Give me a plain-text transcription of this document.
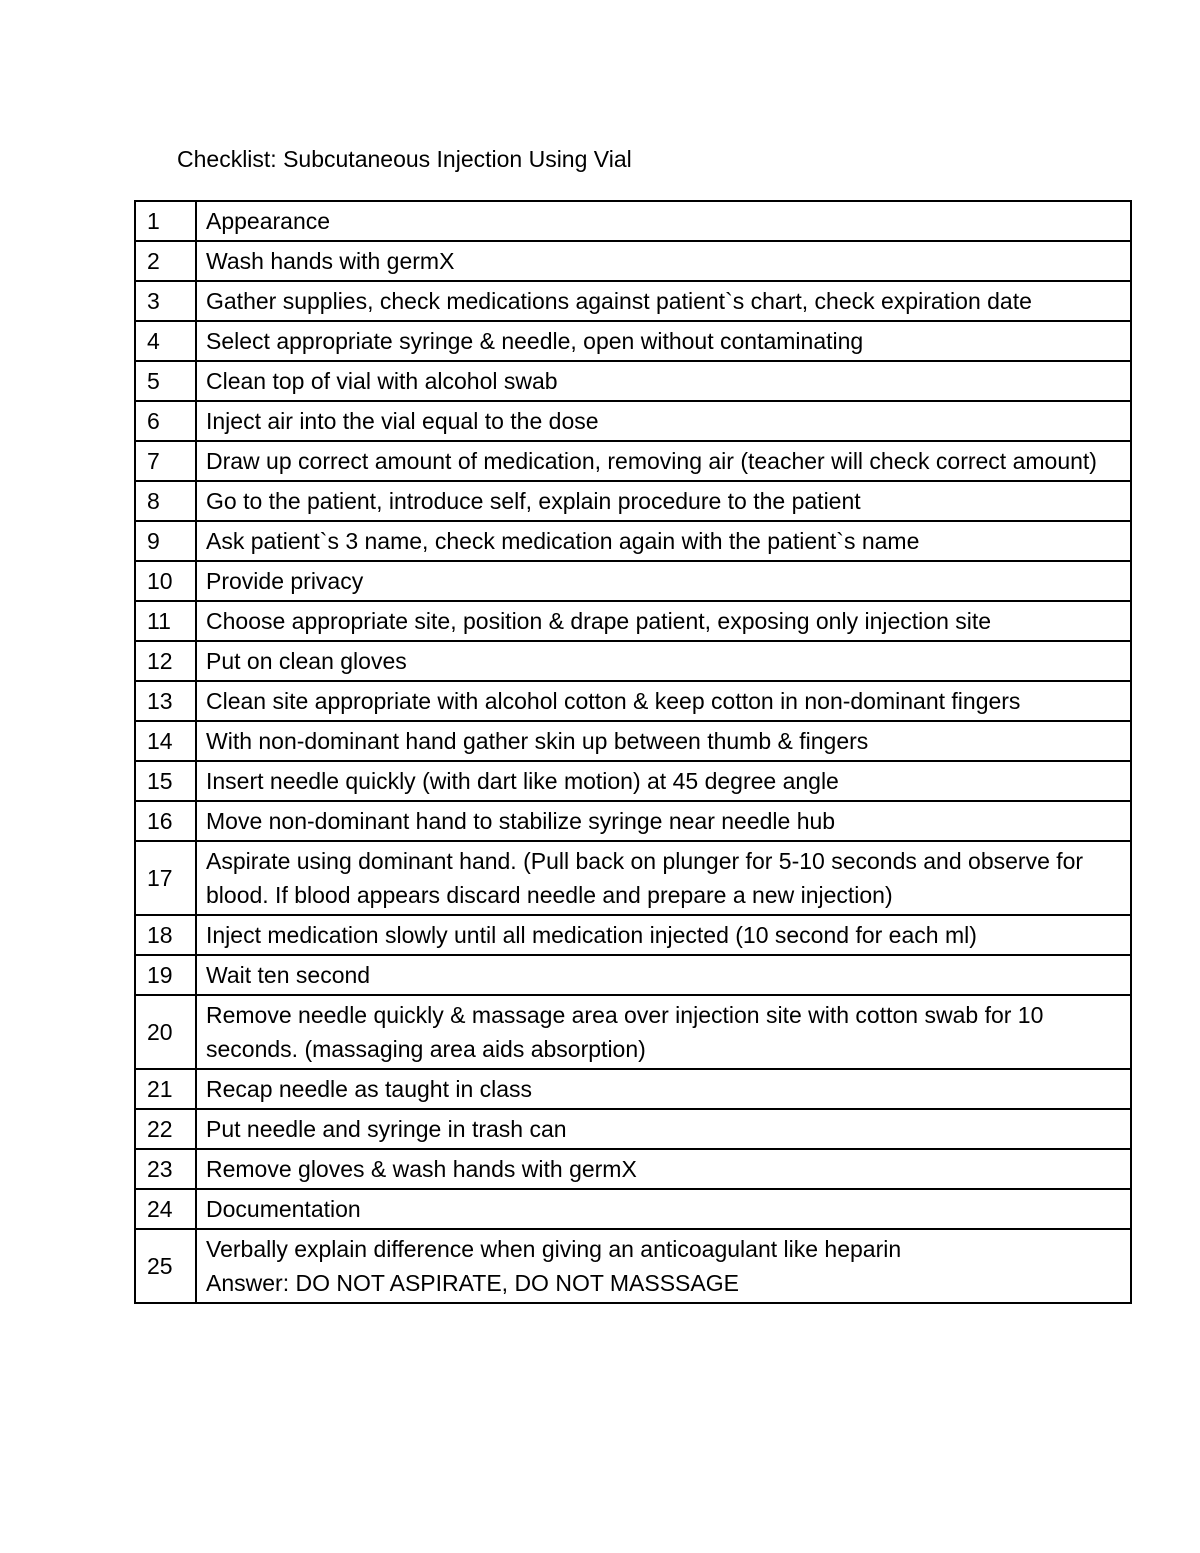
Checklist: Subcutaneous Injection Using Vial
1	Appearance
2	Wash hands with germX
3	Gather supplies, check medications against patient`s chart, check expiration date
4	Select appropriate syringe & needle, open without contaminating
5	Clean top of vial with alcohol swab
6	Inject air into the vial equal to the dose
7	Draw up correct amount of medication, removing air (teacher will check correct amount)
8	Go to the patient, introduce self, explain procedure to the patient
9	Ask patient`s 3 name, check medication again with the patient`s name
10	Provide privacy
11	Choose appropriate site, position & drape patient, exposing only injection site
12	Put on clean gloves
13	Clean site appropriate with alcohol cotton & keep cotton in non-dominant fingers
14	With non-dominant hand gather skin up between thumb & fingers
15	Insert needle quickly (with dart like motion) at 45 degree angle
16	Move non-dominant hand to stabilize syringe near needle hub
17	Aspirate using dominant hand. (Pull back on plunger for 5-10 seconds and observe for blood. If blood appears discard needle and prepare a new injection)
18	Inject medication slowly until all medication injected (10 second for each ml)
19	Wait ten second
20	Remove needle quickly & massage area over injection site with cotton swab for 10 seconds. (massaging area aids absorption)
21	Recap needle as taught in class
22	Put needle and syringe in trash can
23	Remove gloves & wash hands with germX
24	Documentation
25	Verbally explain difference when giving an anticoagulant like heparin
Answer: DO NOT ASPIRATE, DO NOT MASSSAGE
